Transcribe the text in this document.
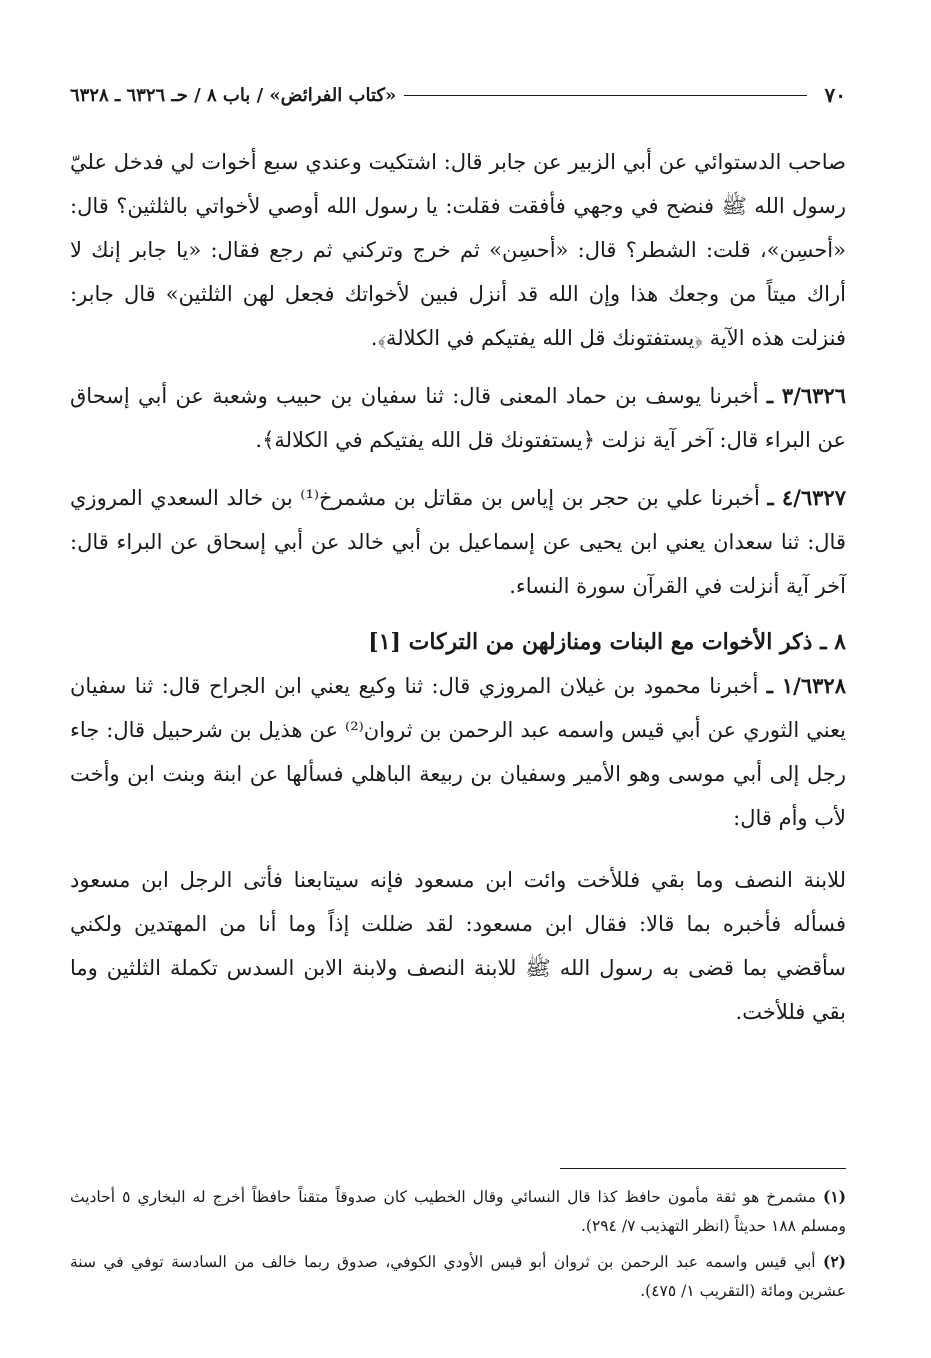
٧٠
«كتاب الفرائض» / باب ٨ / حـ ٦٣٢٦ ـ ٦٣٢٨

صاحب الدستوائي عن أبي الزبير عن جابر قال: اشتكيت وعندي سبع أخوات لي فدخل عليّ رسول الله ﷺ فنضح في وجهي فأفقت فقلت: يا رسول الله أوصي لأخواتي بالثلثين؟ قال: «أحسِن»، قلت: الشطر؟ قال: «أحسِن» ثم خرج وتركني ثم رجع فقال: «يا جابر إنك لا أراك ميتاً من وجعك هذا وإن الله قد أنزل فبين لأخواتك فجعل لهن الثلثين» قال جابر: فنزلت هذه الآية ﴿يستفتونك قل الله يفتيكم في الكلالة﴾.

٣/٦٣٢٦ ـ أخبرنا يوسف بن حماد المعنى قال: ثنا سفيان بن حبيب وشعبة عن أبي إسحاق عن البراء قال: آخر آية نزلت ﴿يستفتونك قل الله يفتيكم في الكلالة﴾.

٤/٦٣٢٧ ـ أخبرنا علي بن حجر بن إياس بن مقاتل بن مشمرخ⁽¹⁾ بن خالد السعدي المروزي قال: ثنا سعدان يعني ابن يحيى عن إسماعيل بن أبي خالد عن أبي إسحاق عن البراء قال: آخر آية أنزلت في القرآن سورة النساء.

٨ ـ ذكر الأخوات مع البنات ومنازلهن من التركات [١]

١/٦٣٢٨ ـ أخبرنا محمود بن غيلان المروزي قال: ثنا وكيع يعني ابن الجراح قال: ثنا سفيان يعني الثوري عن أبي قيس واسمه عبد الرحمن بن ثروان⁽²⁾ عن هذيل بن شرحبيل قال: جاء رجل إلى أبي موسى وهو الأمير وسفيان بن ربيعة الباهلي فسألها عن ابنة وبنت ابن وأخت لأب وأم قال:

للابنة النصف وما بقي فللأخت وائت ابن مسعود فإنه سيتابعنا فأتى الرجل ابن مسعود فسأله فأخبره بما قالا: فقال ابن مسعود: لقد ضللت إذاً وما أنا من المهتدين ولكني سأقضي بما قضى به رسول الله ﷺ للابنة النصف ولابنة الابن السدس تكملة الثلثين وما بقي فللأخت.

(١) مشمرخ هو ثقة مأمون حافظ كذا قال النسائي وقال الخطيب كان صدوقاً متقناً حافظاً أخرج له البخاري ٥ أحاديث ومسلم ١٨٨ حديثاً (انظر التهذيب ٧/ ٢٩٤).

(٢) أبي قيس واسمه عبد الرحمن بن ثروان أبو قيس الأودي الكوفي، صدوق ربما خالف من السادسة توفي في سنة عشرين ومائة (التقريب ١/ ٤٧٥).
